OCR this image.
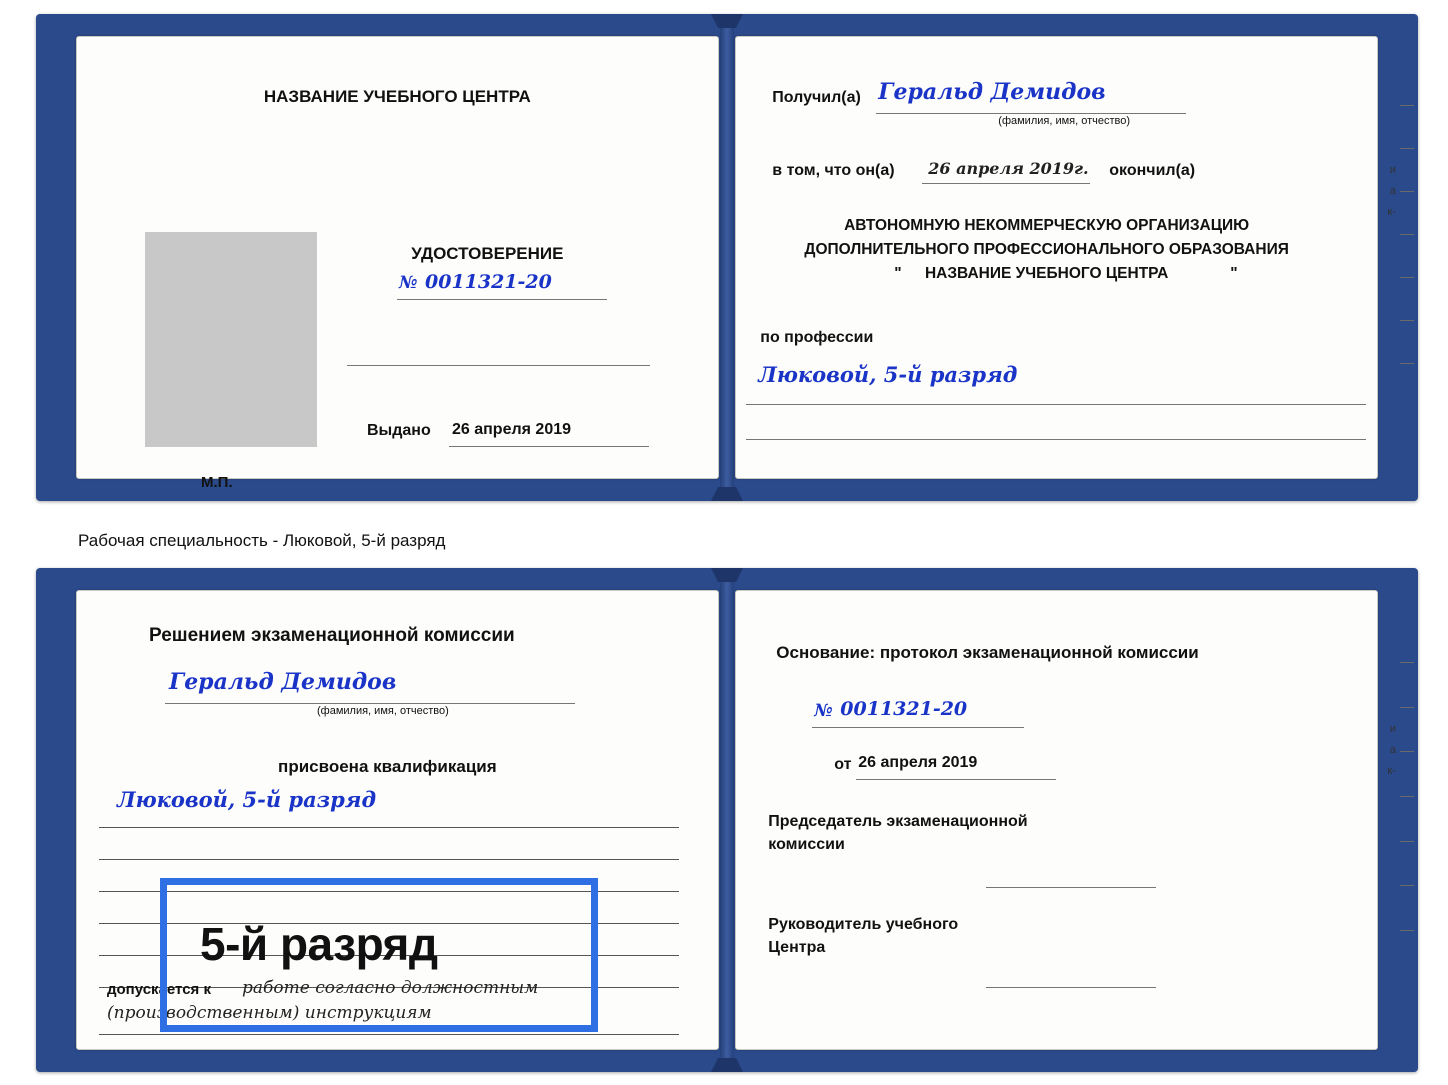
НАЗВАНИЕ УЧЕБНОГО ЦЕНТРА
УДОСТОВЕРЕНИЕ
№ 0011321-20
Выдано 26 апреля 2019
М.П.
Получил(а) Геральд Демидов
(фамилия, имя, отчество)
в том, что он(а) 26 апреля 2019г. окончил(а)
АВТОНОМНУЮ НЕКОММЕРЧЕСКУЮ ОРГАНИЗАЦИЮ
ДОПОЛНИТЕЛЬНОГО ПРОФЕССИОНАЛЬНОГО ОБРАЗОВАНИЯ
"	НАЗВАНИЕ УЧЕБНОГО ЦЕНТРА	"
по профессии
Люковой, 5-й разряд
и
а
к-
Рабочая специальность - Люковой, 5-й разряд
Решением экзаменационной комиссии
Геральд Демидов
(фамилия, имя, отчество)
присвоена квалификация
Люковой, 5-й разряд
допускается к работе согласно должностным
(производственным) инструкциям
Основание: протокол экзаменационной комиссии
№ 0011321-20
от 26 апреля 2019
Председатель экзаменационной
комиссии
Руководитель учебного
Центра
и
а
к-
5-й разряд
